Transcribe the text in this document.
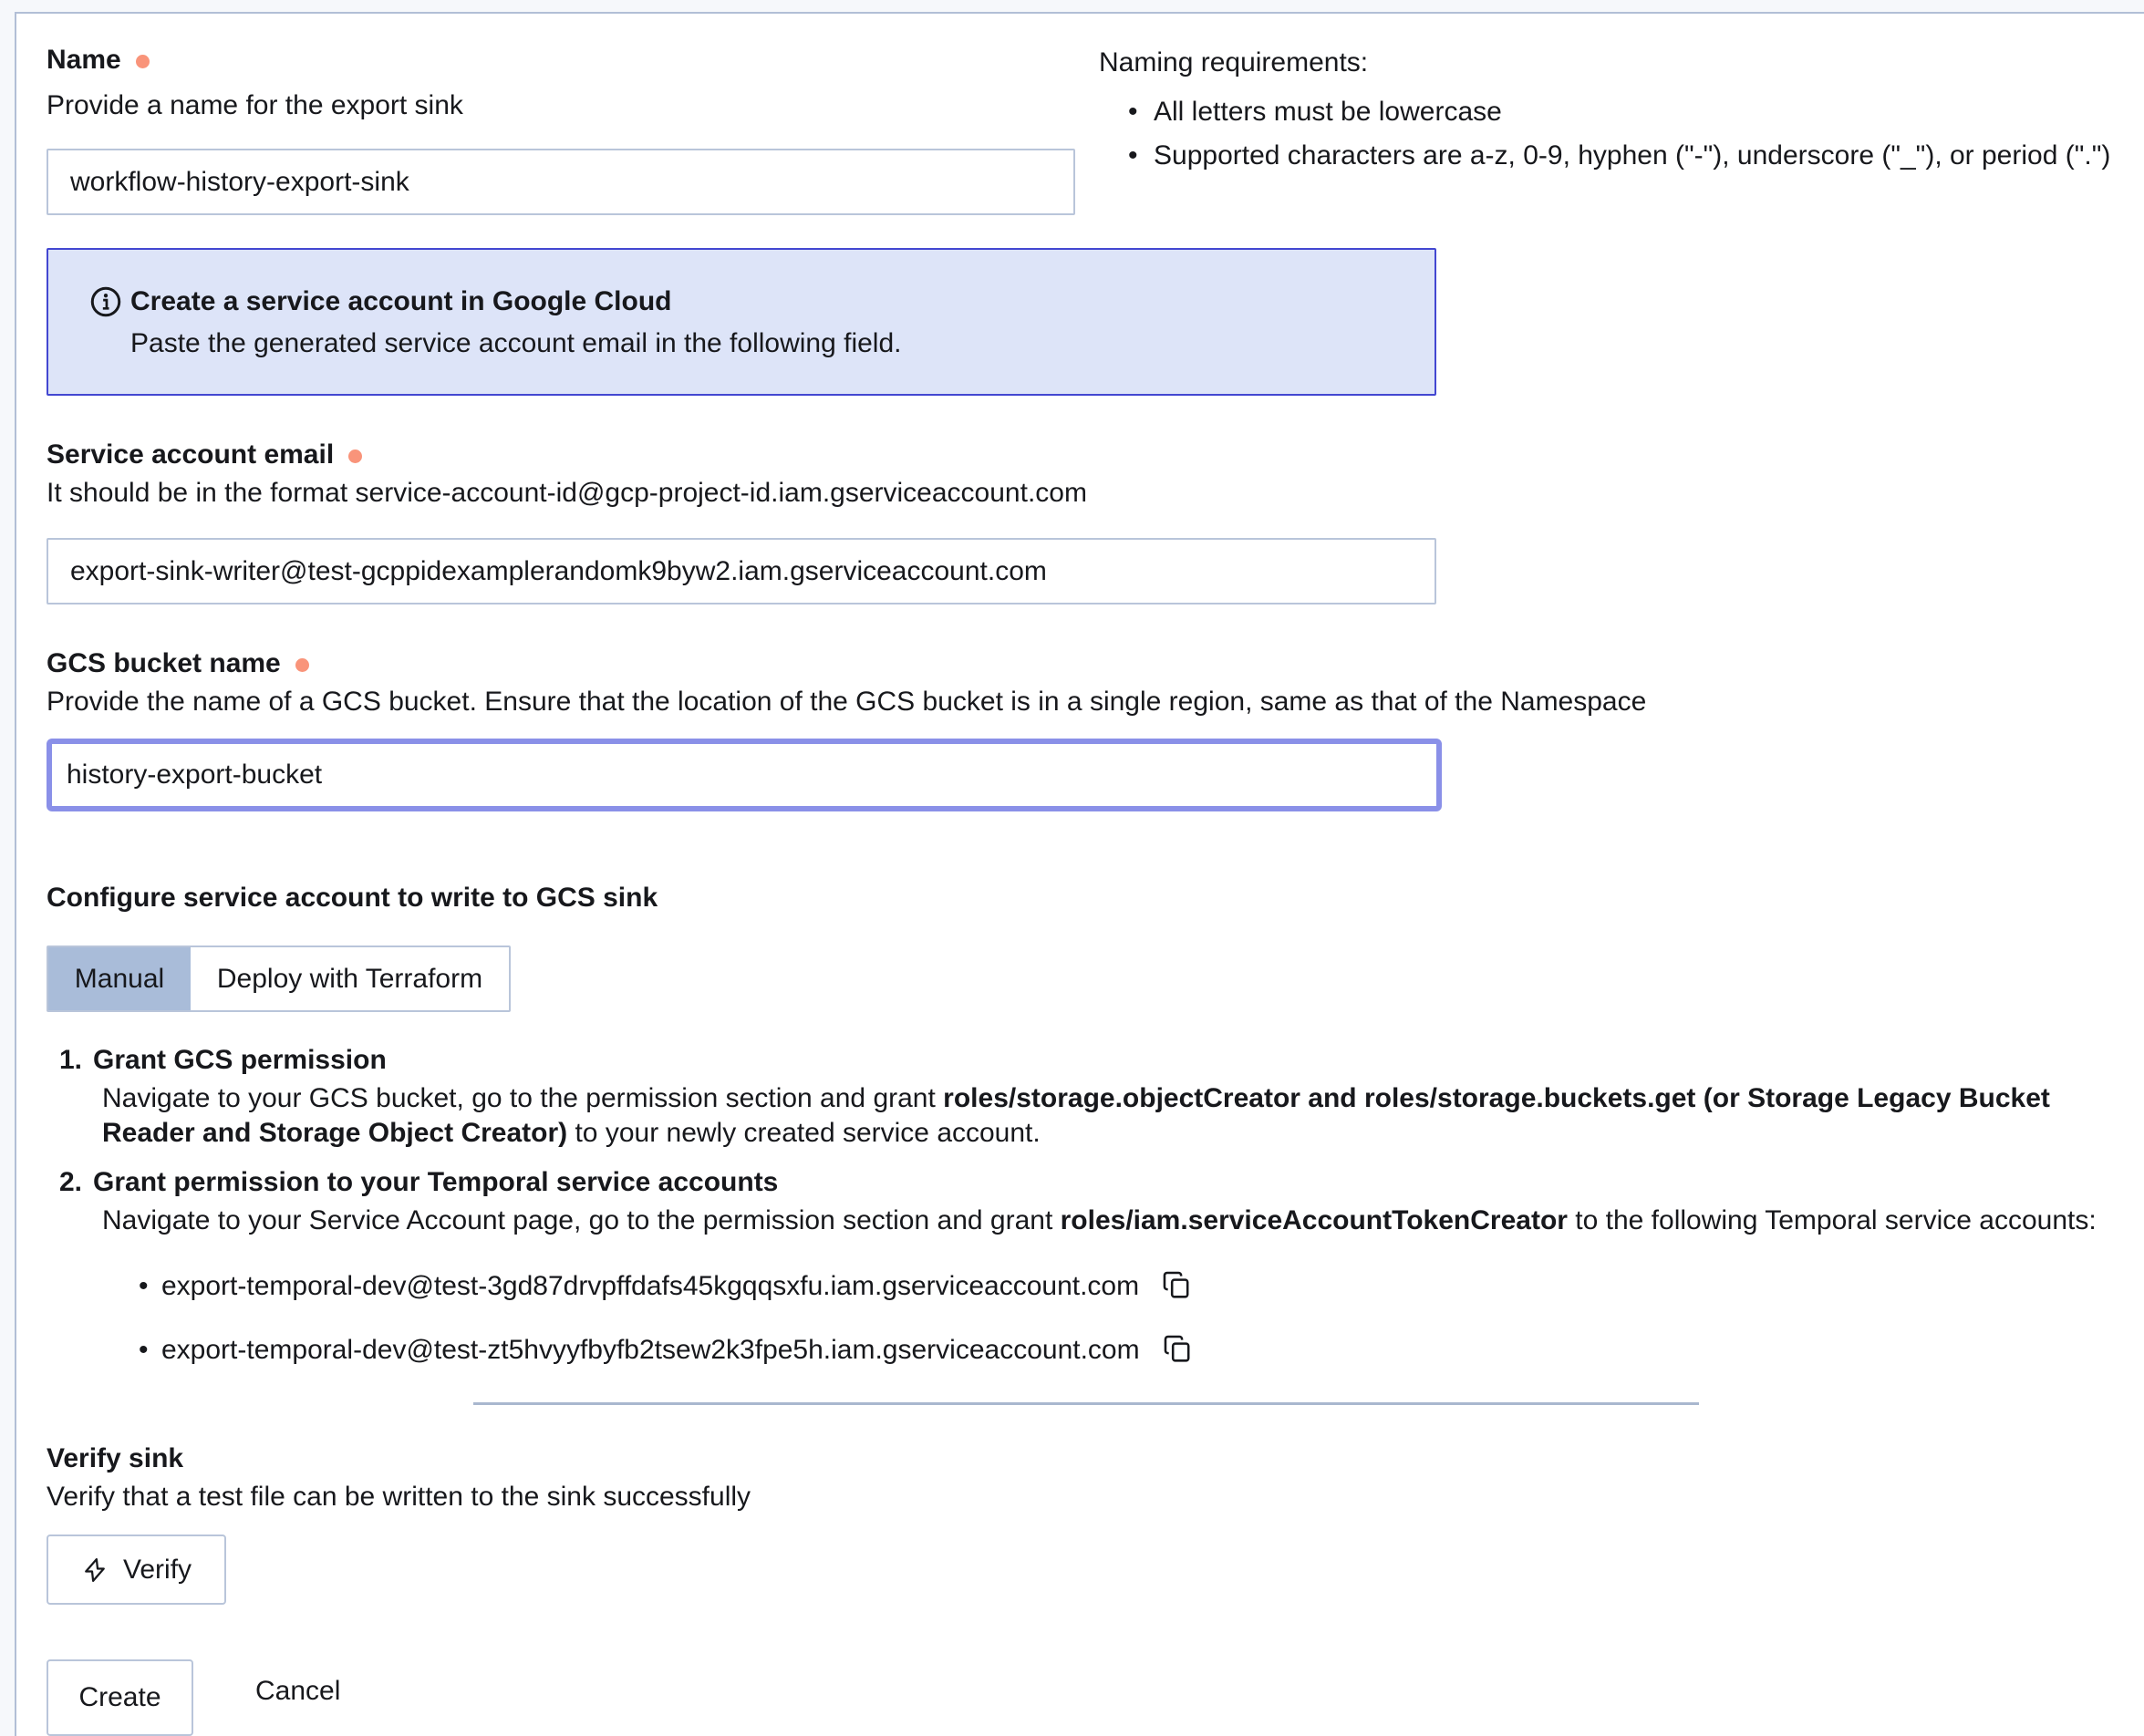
Name
Provide a name for the export sink
workflow-history-export-sink
Naming requirements:
• All letters must be lowercase
• Supported characters are a-z, 0-9, hyphen ("-"), underscore ("_"), or period (".")
Create a service account in Google Cloud
Paste the generated service account email in the following field.
Service account email
It should be in the format service-account-id@gcp-project-id.iam.gserviceaccount.com
export-sink-writer@test-gcppidexamplerandomk9byw2.iam.gserviceaccount.com
GCS bucket name
Provide the name of a GCS bucket. Ensure that the location of the GCS bucket is in a single region, same as that of the Namespace
history-export-bucket
Configure service account to write to GCS sink
Manual Deploy with Terraform
1. Grant GCS permission
Navigate to your GCS bucket, go to the permission section and grant roles/storage.objectCreator and roles/storage.buckets.get (or Storage Legacy Bucket Reader and Storage Object Creator) to your newly created service account.
2. Grant permission to your Temporal service accounts
Navigate to your Service Account page, go to the permission section and grant roles/iam.serviceAccountTokenCreator to the following Temporal service accounts:
• export-temporal-dev@test-3gd87drvpffdafs45kgqqsxfu.iam.gserviceaccount.com
• export-temporal-dev@test-zt5hvyyfbyfb2tsew2k3fpe5h.iam.gserviceaccount.com
Verify sink
Verify that a test file can be written to the sink successfully
Verify
Create	Cancel
